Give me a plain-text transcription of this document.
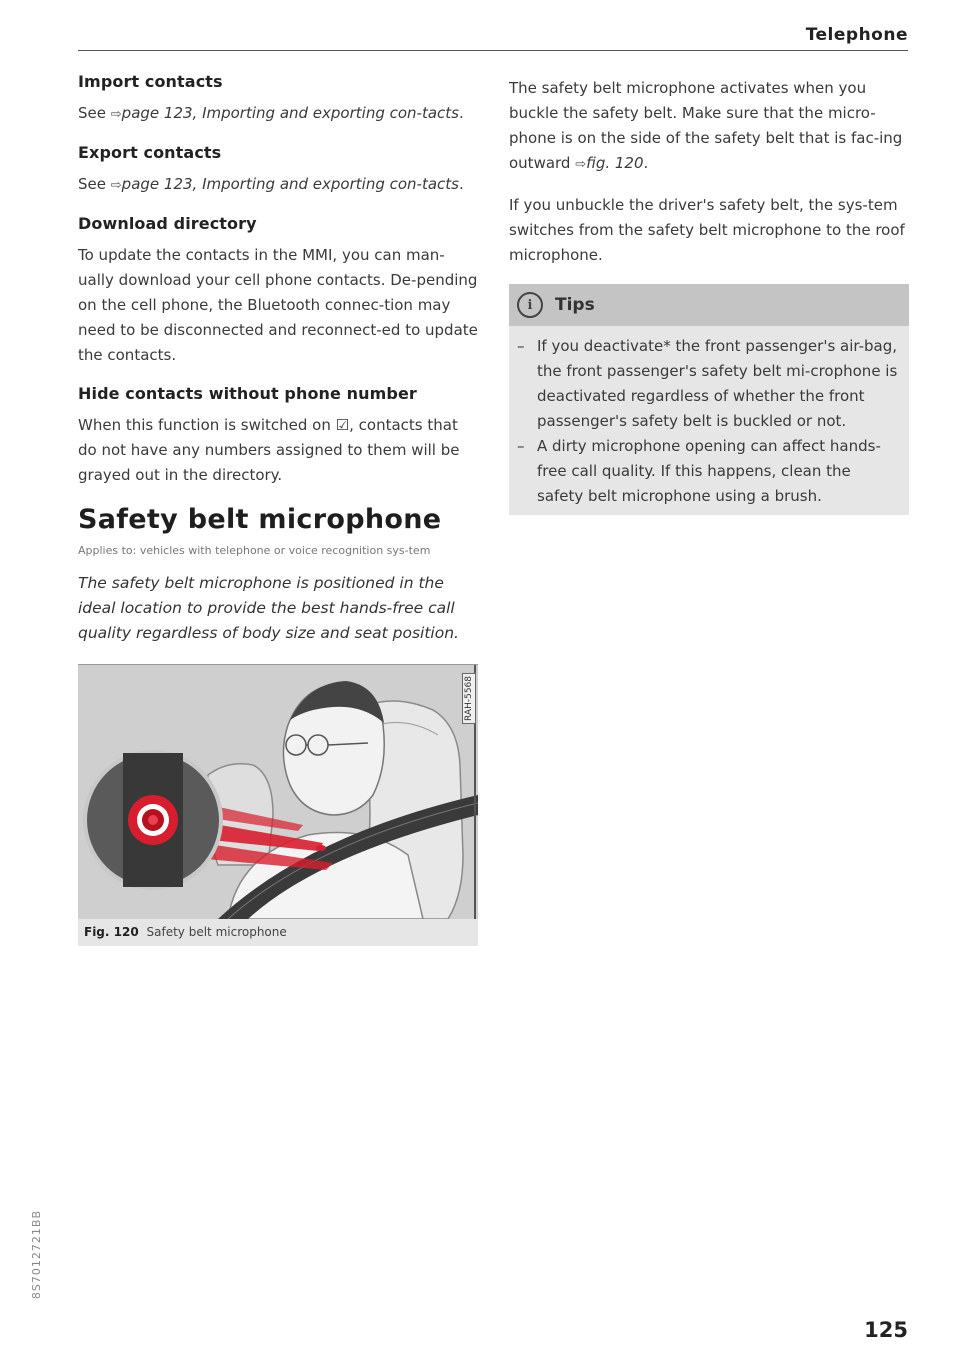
Telephone
Import contacts

See ⇨page 123, Importing and exporting con-tacts.

Export contacts

See ⇨page 123, Importing and exporting con-tacts.

Download directory

To update the contacts in the MMI, you can man-ually download your cell phone contacts. De-pending on the cell phone, the Bluetooth connec-tion may need to be disconnected and reconnect-ed to update the contacts.

Hide contacts without phone number

When this function is switched on ☑, contacts that do not have any numbers assigned to them will be grayed out in the directory.

Safety belt microphone
Applies to: vehicles with telephone or voice recognition sys-tem
The safety belt microphone is positioned in the ideal location to provide the best hands-free call quality regardless of body size and seat position.
RAH-5568
Fig. 120 Safety belt microphone

The safety belt microphone activates when you buckle the safety belt. Make sure that the micro-phone is on the side of the safety belt that is fac-ing outward ⇨fig. 120.

If you unbuckle the driver's safety belt, the sys-tem switches from the safety belt microphone to the roof microphone.

i	Tips
– If you deactivate* the front passenger's air-bag, the front passenger's safety belt mi-crophone is deactivated regardless of whether the front passenger's safety belt is buckled or not.
– A dirty microphone opening can affect hands-free call quality. If this happens, clean the safety belt microphone using a brush.
8S7012721BB
125
